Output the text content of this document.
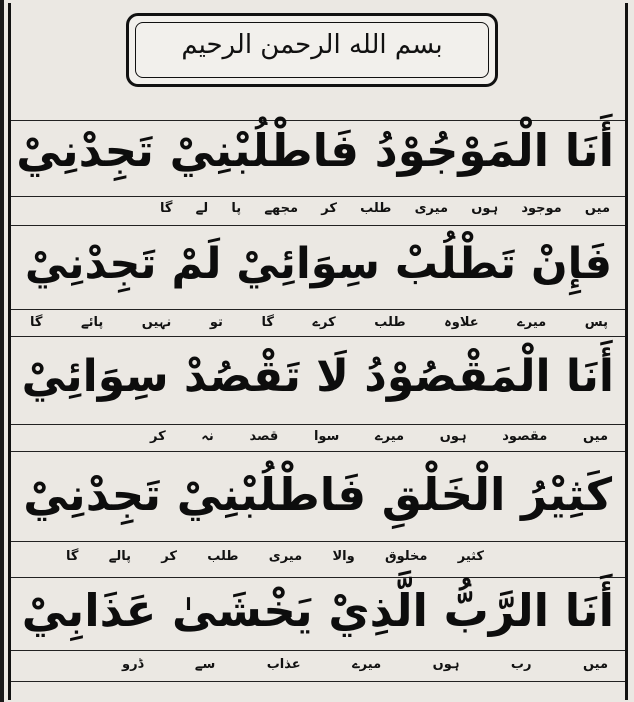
بسم الله الرحمن الرحيم
أَنَا الْمَوْجُوْدُ فَاطْلُبْنِيْ تَجِدْنِيْ
میں موجود ہوں میری طلب کر مجھے پا لے گا
فَإِنْ تَطْلُبْ سِوَائِيْ لَمْ تَجِدْنِيْ
پس میرے علاوہ طلب کرے گا تو نہیں پائے گا
أَنَا الْمَقْصُوْدُ لَا تَقْصُدْ سِوَائِيْ
میں مقصود ہوں میرے سوا قصد نہ کر
كَثِيْرُ الْخَلْقِ فَاطْلُبْنِيْ تَجِدْنِيْ
کثیر مخلوق والا میری طلب کر پالے گا
أَنَا الرَّبُّ الَّذِيْ يَخْشَىٰ عَذَابِيْ
میں رب ہوں میرے عذاب سے ڈرو
